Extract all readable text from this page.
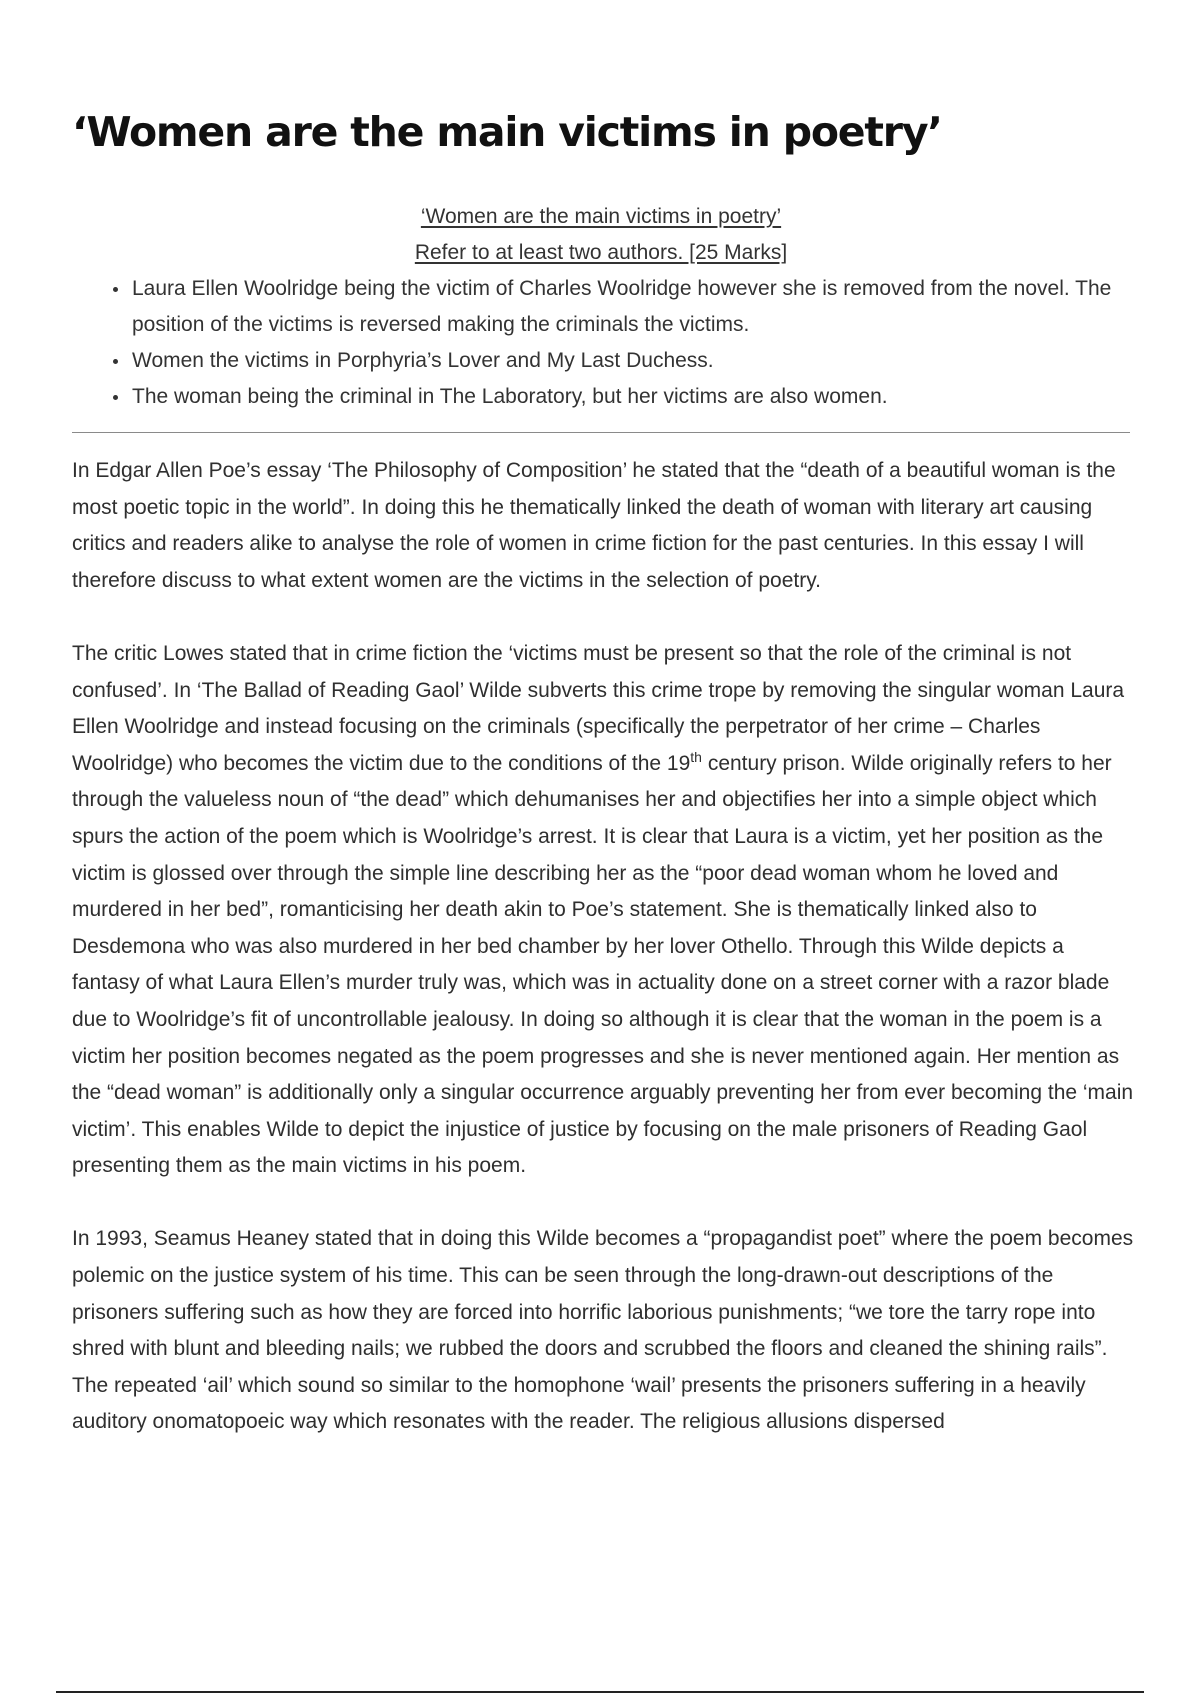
‘Women are the main victims in poetry’
‘Women are the main victims in poetry’
Refer to at least two authors. [25 Marks]
• Laura Ellen Woolridge being the victim of Charles Woolridge however she is removed from the novel. The position of the victims is reversed making the criminals the victims.
• Women the victims in Porphyria’s Lover and My Last Duchess.
• The woman being the criminal in The Laboratory, but her victims are also women.

In Edgar Allen Poe’s essay ‘The Philosophy of Composition’ he stated that the “death of a beautiful woman is the most poetic topic in the world”. In doing this he thematically linked the death of woman with literary art causing critics and readers alike to analyse the role of women in crime fiction for the past centuries. In this essay I will therefore discuss to what extent women are the victims in the selection of poetry.

The critic Lowes stated that in crime fiction the ‘victims must be present so that the role of the criminal is not confused’. In ‘The Ballad of Reading Gaol’ Wilde subverts this crime trope by removing the singular woman Laura Ellen Woolridge and instead focusing on the criminals (specifically the perpetrator of her crime – Charles Woolridge) who becomes the victim due to the conditions of the 19th century prison. Wilde originally refers to her through the valueless noun of “the dead” which dehumanises her and objectifies her into a simple object which spurs the action of the poem which is Woolridge’s arrest. It is clear that Laura is a victim, yet her position as the victim is glossed over through the simple line describing her as the “poor dead woman whom he loved and murdered in her bed”, romanticising her death akin to Poe’s statement. She is thematically linked also to Desdemona who was also murdered in her bed chamber by her lover Othello. Through this Wilde depicts a fantasy of what Laura Ellen’s murder truly was, which was in actuality done on a street corner with a razor blade due to Woolridge’s fit of uncontrollable jealousy. In doing so although it is clear that the woman in the poem is a victim her position becomes negated as the poem progresses and she is never mentioned again. Her mention as the “dead woman” is additionally only a singular occurrence arguably preventing her from ever becoming the ‘main victim’. This enables Wilde to depict the injustice of justice by focusing on the male prisoners of Reading Gaol presenting them as the main victims in his poem.

In 1993, Seamus Heaney stated that in doing this Wilde becomes a “propagandist poet” where the poem becomes polemic on the justice system of his time. This can be seen through the long-drawn-out descriptions of the prisoners suffering such as how they are forced into horrific laborious punishments; “we tore the tarry rope into shred with blunt and bleeding nails; we rubbed the doors and scrubbed the floors and cleaned the shining rails”. The repeated ‘ail’ which sound so similar to the homophone ‘wail’ presents the prisoners suffering in a heavily auditory onomatopoeic way which resonates with the reader. The religious allusions dispersed
